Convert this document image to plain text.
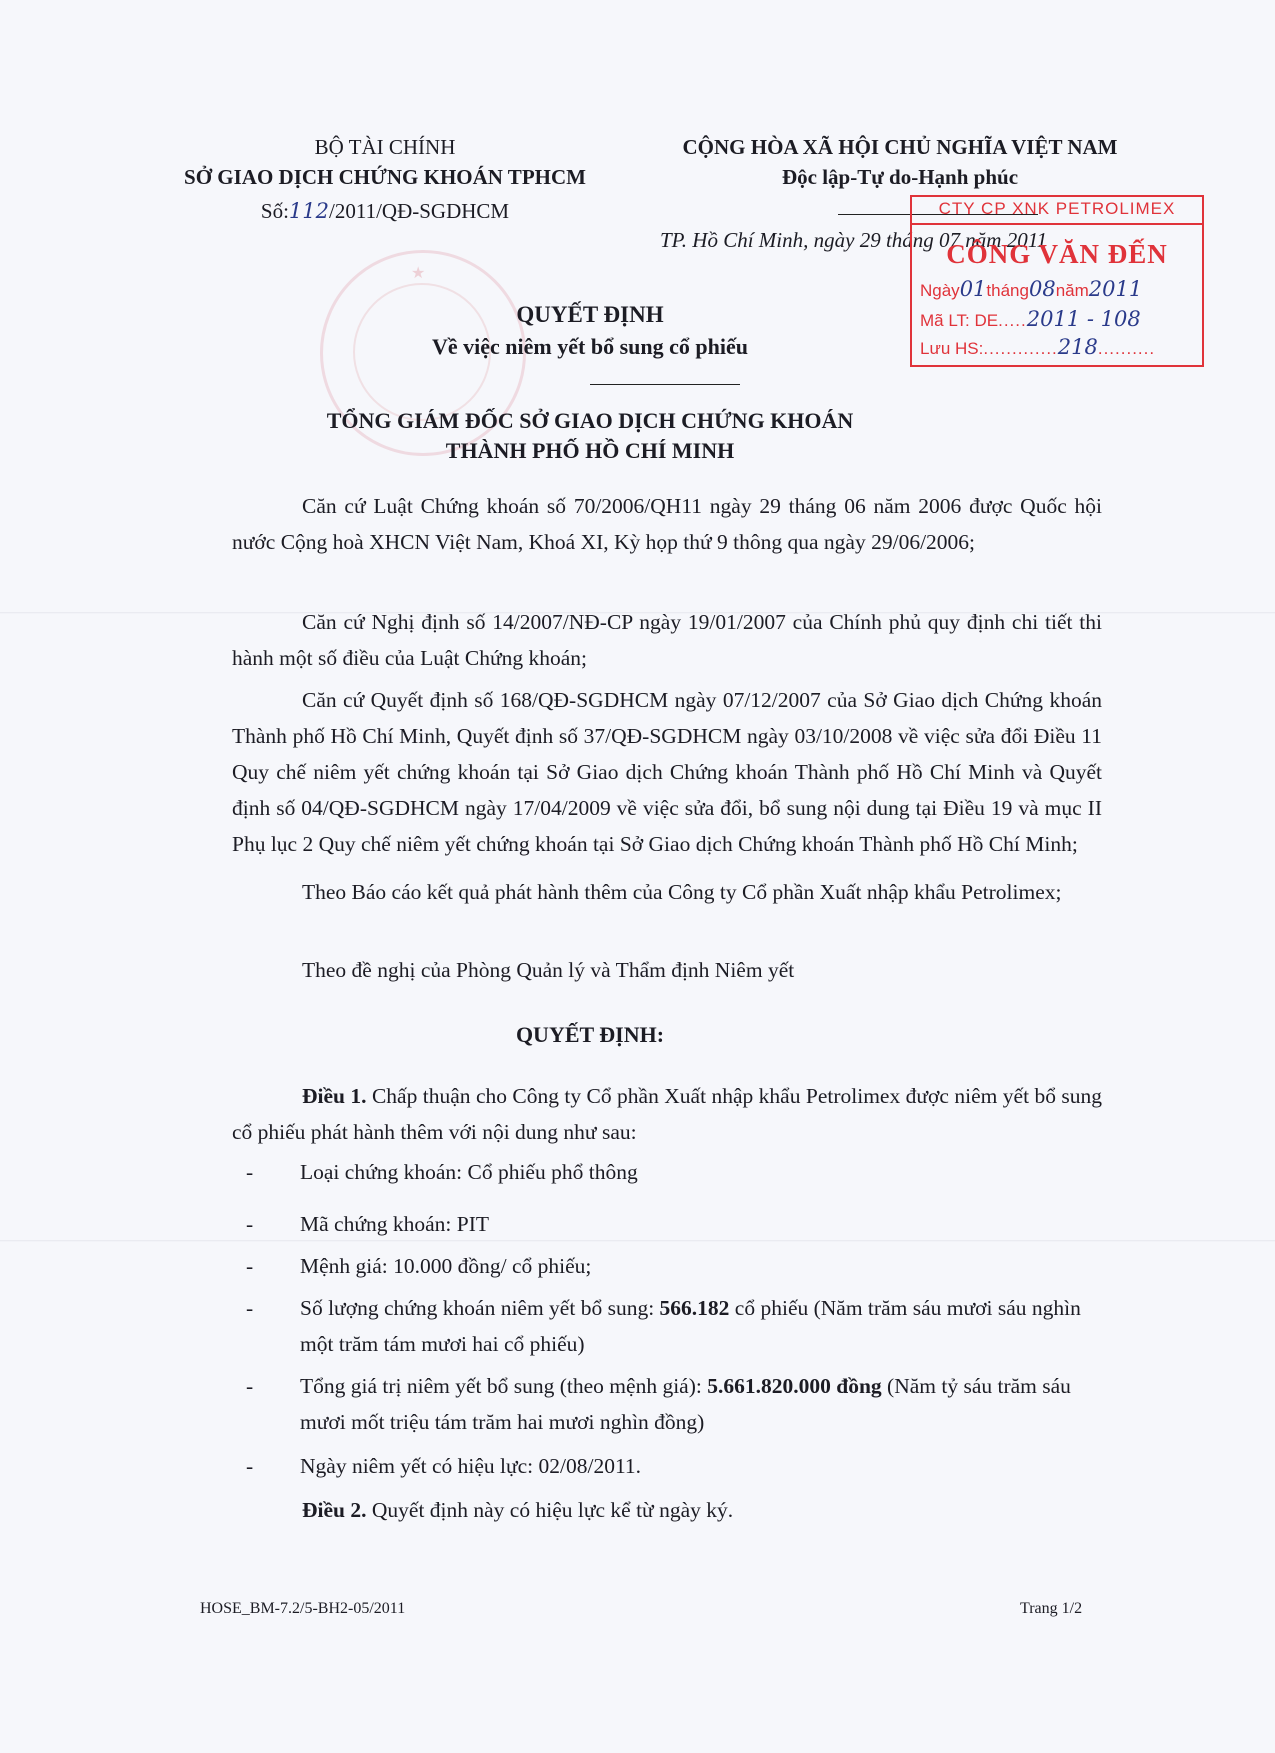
★
BỘ TÀI CHÍNH
SỞ GIAO DỊCH CHỨNG KHOÁN TPHCM
Số:112/2011/QĐ-SGDHCM
CỘNG HÒA XÃ HỘI CHỦ NGHĨA VIỆT NAM
Độc lập-Tự do-Hạnh phúc
TP. Hồ Chí Minh, ngày 29 tháng 07 năm 2011
CTY CP XNK PETROLIMEX
CÔNG VĂN ĐẾN
Ngày01tháng08năm2011
Mã LT: DE.....2011 - 108
Lưu HS:.............218..........
QUYẾT ĐỊNH
Về việc niêm yết bổ sung cổ phiếu
TỔNG GIÁM ĐỐC SỞ GIAO DỊCH CHỨNG KHOÁN
THÀNH PHỐ HỒ CHÍ MINH
Căn cứ Luật Chứng khoán số 70/2006/QH11 ngày 29 tháng 06 năm 2006 được Quốc hội nước Cộng hoà XHCN Việt Nam, Khoá XI, Kỳ họp thứ 9 thông qua ngày 29/06/2006;
Căn cứ Nghị định số 14/2007/NĐ-CP ngày 19/01/2007 của Chính phủ quy định chi tiết thi hành một số điều của Luật Chứng khoán;
Căn cứ Quyết định số 168/QĐ-SGDHCM ngày 07/12/2007 của Sở Giao dịch Chứng khoán Thành phố Hồ Chí Minh, Quyết định số 37/QĐ-SGDHCM ngày 03/10/2008 về việc sửa đổi Điều 11 Quy chế niêm yết chứng khoán tại Sở Giao dịch Chứng khoán Thành phố Hồ Chí Minh và Quyết định số 04/QĐ-SGDHCM ngày 17/04/2009 về việc sửa đổi, bổ sung nội dung tại Điều 19 và mục II Phụ lục 2 Quy chế niêm yết chứng khoán tại Sở Giao dịch Chứng khoán Thành phố Hồ Chí Minh;
Theo Báo cáo kết quả phát hành thêm của Công ty Cổ phần Xuất nhập khẩu Petrolimex;
Theo đề nghị của Phòng Quản lý và Thẩm định Niêm yết
QUYẾT ĐỊNH:
Điều 1. Chấp thuận cho Công ty Cổ phần Xuất nhập khẩu Petrolimex được niêm yết bổ sung cổ phiếu phát hành thêm với nội dung như sau:
- Loại chứng khoán: Cổ phiếu phổ thông
- Mã chứng khoán: PIT
- Mệnh giá: 10.000 đồng/ cổ phiếu;
- Số lượng chứng khoán niêm yết bổ sung: 566.182 cổ phiếu (Năm trăm sáu mươi sáu nghìn một trăm tám mươi hai cổ phiếu)
- Tổng giá trị niêm yết bổ sung (theo mệnh giá): 5.661.820.000 đồng (Năm tỷ sáu trăm sáu mươi mốt triệu tám trăm hai mươi nghìn đồng)
- Ngày niêm yết có hiệu lực: 02/08/2011.
Điều 2. Quyết định này có hiệu lực kể từ ngày ký.
HOSE_BM-7.2/5-BH2-05/2011	Trang 1/2
